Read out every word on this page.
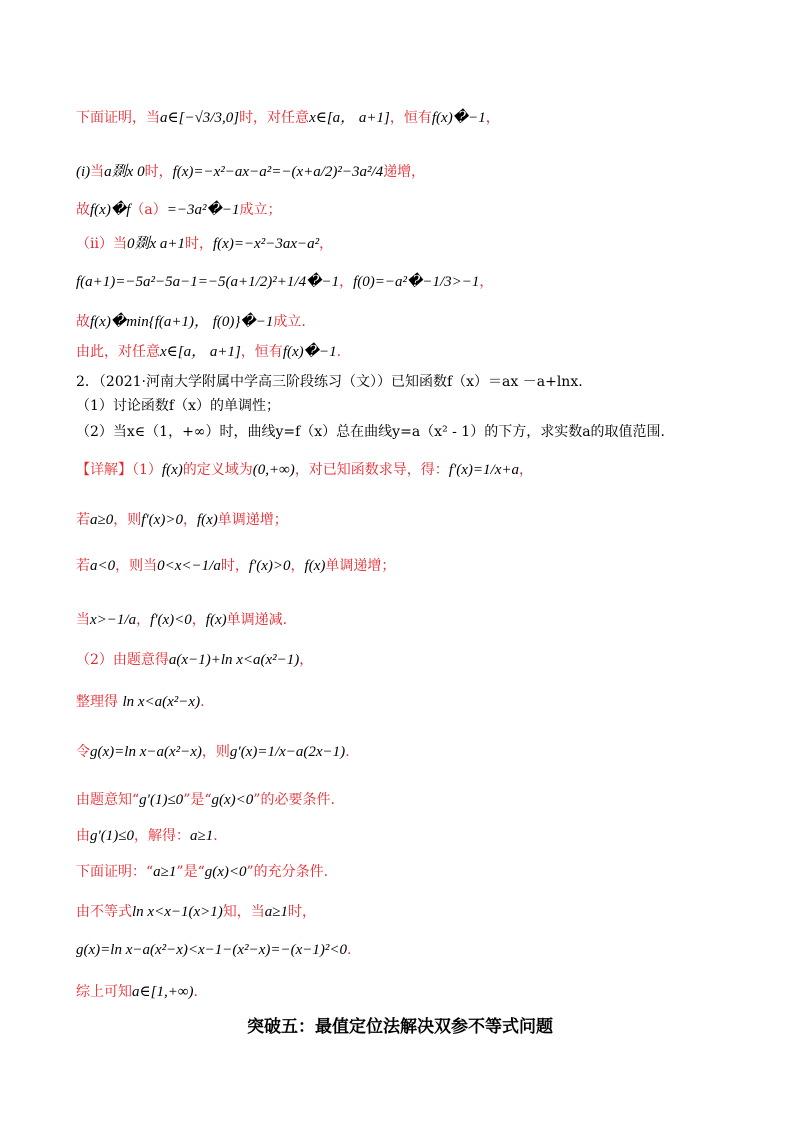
下面证明，当a∈[−√3/3,0]时，对任意x∈[a， a+1]，恒有f(x)�−1，
(i)当a剟x 0时，f(x)=−x²−ax−a²=−(x+a/2)²−3a²/4递增，
故f(x)�f（a）=−3a²�−1成立；
（ii）当0剟x a+1时，f(x)=−x²−3ax−a²，
f(a+1)=−5a²−5a−1=−5(a+1/2)²+1/4�−1，f(0)=−a²�−1/3>−1，
故f(x)�min{f(a+1)， f(0)}�−1成立.
由此，对任意x∈[a， a+1]，恒有f(x)�−1.
2．（2021·河南大学附属中学高三阶段练习（文））已知函数f（x）＝ax －a+lnx.
（1）讨论函数f（x）的单调性；
（2）当x∈（1，+∞）时，曲线y=f（x）总在曲线y=a（x² - 1）的下方，求实数a的取值范围.
【详解】（1）f(x)的定义域为(0,+∞)，对已知函数求导，得：f′(x)=1/x+a，
若a≥0，则f′(x)>0，f(x)单调递增；
若a<0，则当0<x<−1/a时，f′(x)>0，f(x)单调递增；
当x>−1/a，f′(x)<0，f(x)单调递减.
（2）由题意得a(x−1)+ln x<a(x²−1)，
整理得 ln x<a(x²−x).
令g(x)=ln x−a(x²−x)，则g′(x)=1/x−a(2x−1).
由题意知“g′(1)≤0”是“g(x)<0”的必要条件.
由g′(1)≤0，解得：a≥1.
下面证明：“a≥1”是“g(x)<0”的充分条件.
由不等式ln x<x−1(x>1)知，当a≥1时，
g(x)=ln x−a(x²−x)<x−1−(x²−x)=−(x−1)²<0.
综上可知a∈[1,+∞).
突破五：最值定位法解决双参不等式问题
